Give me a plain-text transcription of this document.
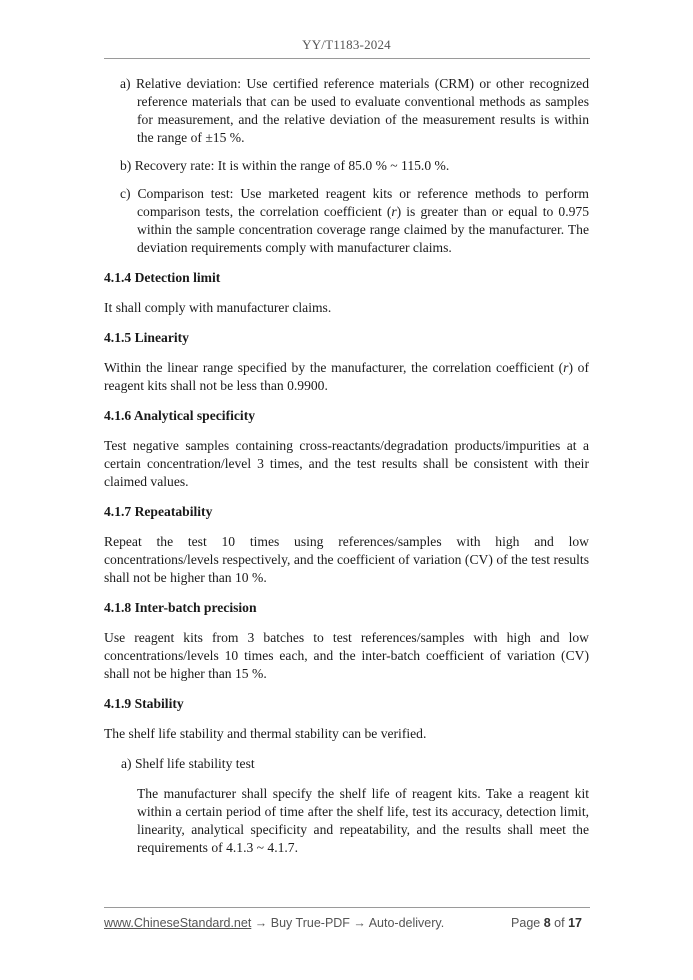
YY/T1183-2024
a) Relative deviation: Use certified reference materials (CRM) or other recognized reference materials that can be used to evaluate conventional methods as samples for measurement, and the relative deviation of the measurement results is within the range of ±15 %.
b) Recovery rate: It is within the range of 85.0 % ~ 115.0 %.
c) Comparison test: Use marketed reagent kits or reference methods to perform comparison tests, the correlation coefficient (r) is greater than or equal to 0.975 within the sample concentration coverage range claimed by the manufacturer. The deviation requirements comply with manufacturer claims.
4.1.4 Detection limit

It shall comply with manufacturer claims.

4.1.5 Linearity

Within the linear range specified by the manufacturer, the correlation coefficient (r) of reagent kits shall not be less than 0.9900.

4.1.6 Analytical specificity

Test negative samples containing cross-reactants/degradation products/impurities at a certain concentration/level 3 times, and the test results shall be consistent with their claimed values.

4.1.7 Repeatability

Repeat the test 10 times using references/samples with high and low concentrations/levels respectively, and the coefficient of variation (CV) of the test results shall not be higher than 10 %.

4.1.8 Inter-batch precision

Use reagent kits from 3 batches to test references/samples with high and low concentrations/levels 10 times each, and the inter-batch coefficient of variation (CV) shall not be higher than 15 %.

4.1.9 Stability

The shelf life stability and thermal stability can be verified.

a) Shelf life stability test

The manufacturer shall specify the shelf life of reagent kits. Take a reagent kit within a certain period of time after the shelf life, test its accuracy, detection limit, linearity, analytical specificity and repeatability, and the results shall meet the requirements of 4.1.3 ~ 4.1.7.

www.ChineseStandard.net → Buy True-PDF → Auto-delivery.	Page 8 of 17
